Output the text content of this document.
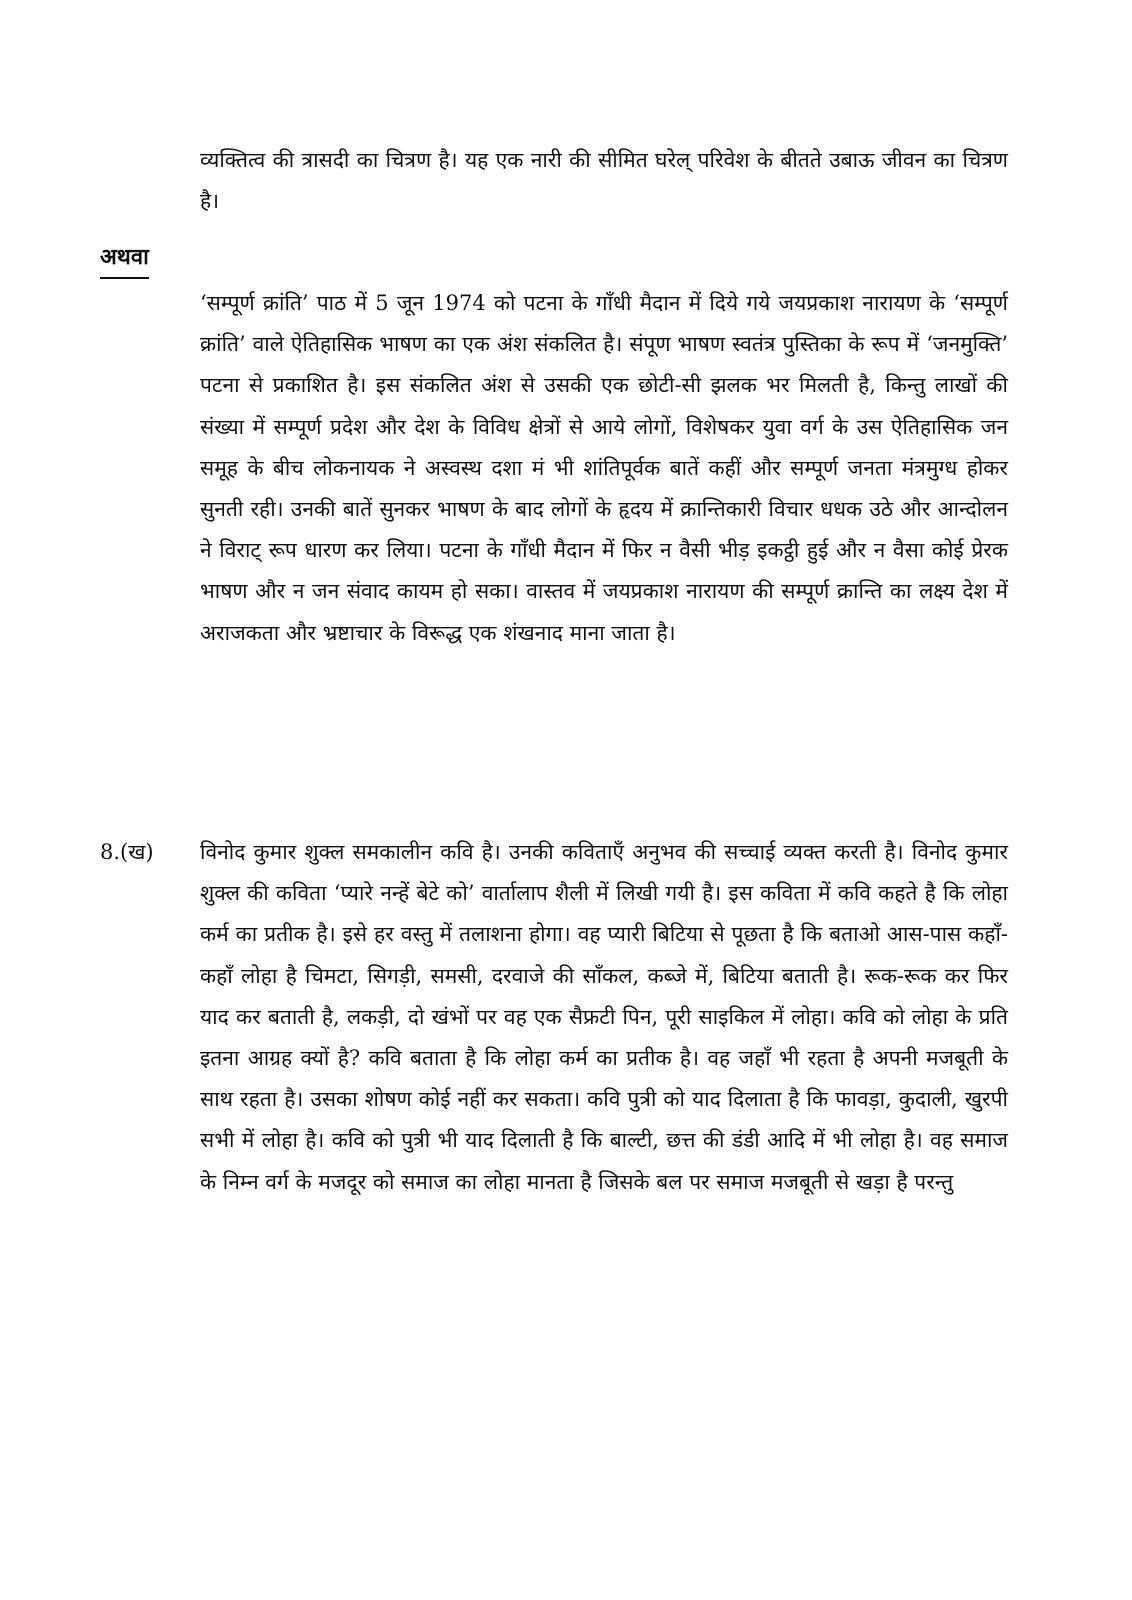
व्यक्तित्व की त्रासदी का चित्रण है। यह एक नारी की सीमित घरेल् परिवेश के बीतते उबाऊ जीवन का चित्रण है।

अथवा

‘सम्पूर्ण क्रांति’ पाठ में 5 जून 1974 को पटना के गाँधी मैदान में दिये गये जयप्रकाश नारायण के ‘सम्पूर्ण क्रांति’ वाले ऐतिहासिक भाषण का एक अंश संकलित है। संपूण भाषण स्वतंत्र पुस्तिका के रूप में ‘जनमुक्ति’ पटना से प्रकाशित है। इस संकलित अंश से उसकी एक छोटी-सी झलक भर मिलती है, किन्तु लाखों की संख्या में सम्पूर्ण प्रदेश और देश के विविध क्षेत्रों से आये लोगों, विशेषकर युवा वर्ग के उस ऐतिहासिक जन समूह के बीच लोकनायक ने अस्वस्थ दशा मं भी शांतिपूर्वक बातें कहीं और सम्पूर्ण जनता मंत्रमुग्ध होकर सुनती रही। उनकी बातें सुनकर भाषण के बाद लोगों के हृदय में क्रान्तिकारी विचार धधक उठे और आन्दोलन ने विराट् रूप धारण कर लिया। पटना के गाँधी मैदान में फिर न वैसी भीड़ इकट्ठी हुई और न वैसा कोई प्रेरक भाषण और न जन संवाद कायम हो सका। वास्तव में जयप्रकाश नारायण की सम्पूर्ण क्रान्ति का लक्ष्य देश में अराजकता और भ्रष्टाचार के विरूद्ध एक शंखनाद माना जाता है।

8.(ख) विनोद कुमार शुक्ल समकालीन कवि है। उनकी कविताएँ अनुभव की सच्चाई व्यक्त करती है। विनोद कुमार शुक्ल की कविता ‘प्यारे नन्हें बेटे को’ वार्तालाप शैली में लिखी गयी है। इस कविता में कवि कहते है कि लोहा कर्म का प्रतीक है। इसे हर वस्तु में तलाशना होगा। वह प्यारी बिटिया से पूछता है कि बताओ आस-पास कहाँ-कहाँ लोहा है चिमटा, सिगड़ी, समसी, दरवाजे की साँकल, कब्जे में, बिटिया बताती है। रूक-रूक कर फिर याद कर बताती है, लकड़ी, दो खंभों पर वह एक सैफ्रटी पिन, पूरी साइकिल में लोहा। कवि को लोहा के प्रति इतना आग्रह क्यों है? कवि बताता है कि लोहा कर्म का प्रतीक है। वह जहाँ भी रहता है अपनी मजबूती के साथ रहता है। उसका शोषण कोई नहीं कर सकता। कवि पुत्री को याद दिलाता है कि फावड़ा, कुदाली, खुरपी सभी में लोहा है। कवि को पुत्री भी याद दिलाती है कि बाल्टी, छत्त की डंडी आदि में भी लोहा है। वह समाज के निम्न वर्ग के मजदूर को समाज का लोहा मानता है जिसके बल पर समाज मजबूती से खड़ा है परन्तु
